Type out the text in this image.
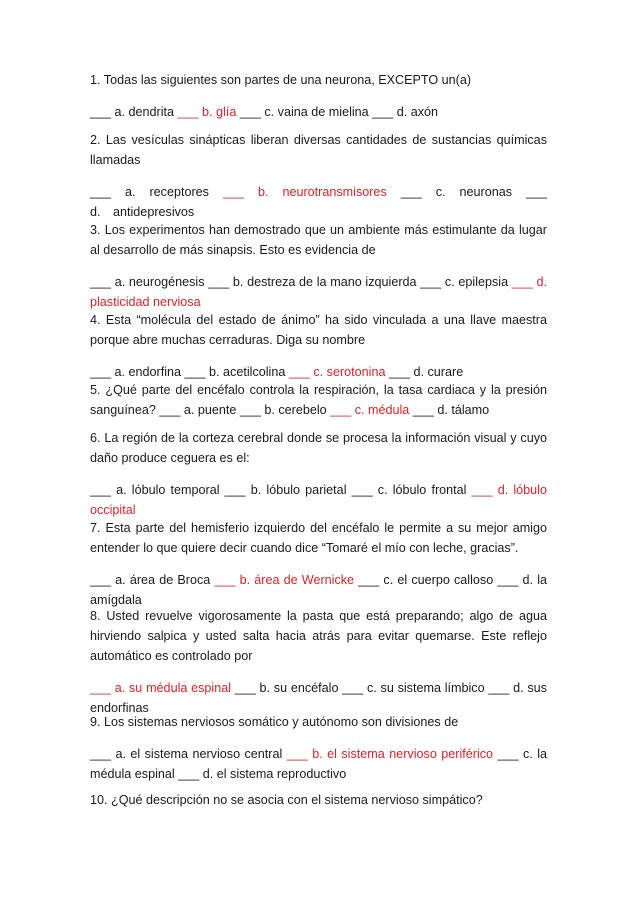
1. Todas las siguientes son partes de una neurona, EXCEPTO un(a)

___ a. dendrita ___ b. glía ___ c. vaina de mielina ___ d. axón

2. Las vesículas sinápticas liberan diversas cantidades de sustancias químicas llamadas

___ a. receptores ___ b. neurotransmisores ___ c. neuronas ___ d. antidepresivos

3. Los experimentos han demostrado que un ambiente más estimulante da lugar al desarrollo de más sinapsis. Esto es evidencia de

___ a. neurogénesis ___ b. destreza de la mano izquierda ___ c. epilepsia ___ d. plasticidad nerviosa

4. Esta “molécula del estado de ánimo” ha sido vinculada a una llave maestra porque abre muchas cerraduras. Diga su nombre

___ a. endorfina ___ b. acetilcolina ___ c. serotonina ___ d. curare

5. ¿Qué parte del encéfalo controla la respiración, la tasa cardiaca y la presión sanguínea? ___ a. puente ___ b. cerebelo ___ c. médula ___ d. tálamo

6. La región de la corteza cerebral donde se procesa la información visual y cuyo daño produce ceguera es el:

___ a. lóbulo temporal ___ b. lóbulo parietal ___ c. lóbulo frontal ___ d. lóbulo occipital

7. Esta parte del hemisferio izquierdo del encéfalo le permite a su mejor amigo entender lo que quiere decir cuando dice “Tomaré el mío con leche, gracias”.

___ a. área de Broca ___ b. área de Wernicke ___ c. el cuerpo calloso ___ d. la amígdala

8. Usted revuelve vigorosamente la pasta que está preparando; algo de agua hirviendo salpica y usted salta hacia atrás para evitar quemarse. Este reflejo automático es controlado por

___ a. su médula espinal ___ b. su encéfalo ___ c. su sistema límbico ___ d. sus endorfinas

9. Los sistemas nerviosos somático y autónomo son divisiones de

___ a. el sistema nervioso central ___ b. el sistema nervioso periférico ___ c. la médula espinal ___ d. el sistema reproductivo

10. ¿Qué descripción no se asocia con el sistema nervioso simpático?
